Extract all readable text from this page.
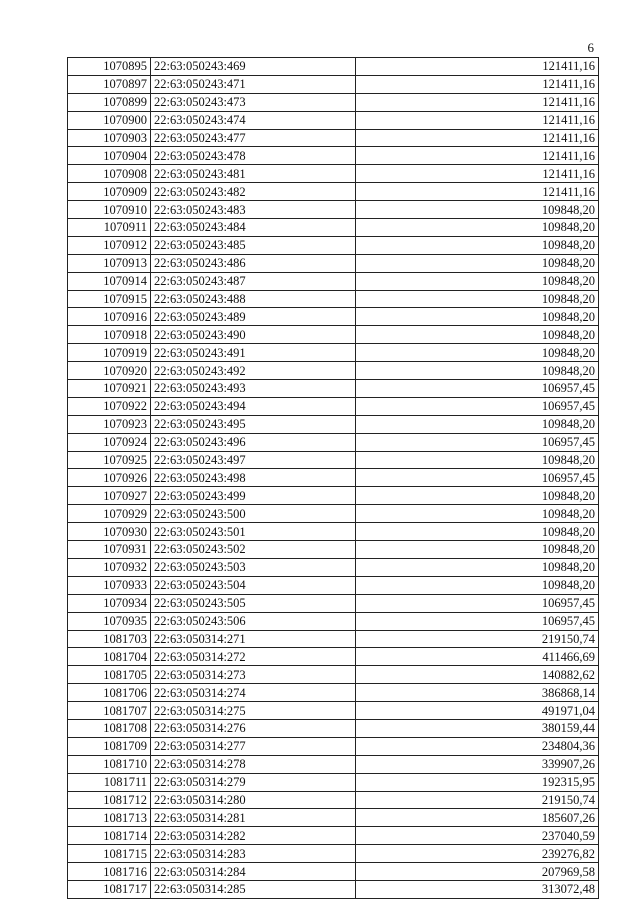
6
1070895	22:63:050243:469	121411,16
1070897	22:63:050243:471	121411,16
1070899	22:63:050243:473	121411,16
1070900	22:63:050243:474	121411,16
1070903	22:63:050243:477	121411,16
1070904	22:63:050243:478	121411,16
1070908	22:63:050243:481	121411,16
1070909	22:63:050243:482	121411,16
1070910	22:63:050243:483	109848,20
1070911	22:63:050243:484	109848,20
1070912	22:63:050243:485	109848,20
1070913	22:63:050243:486	109848,20
1070914	22:63:050243:487	109848,20
1070915	22:63:050243:488	109848,20
1070916	22:63:050243:489	109848,20
1070918	22:63:050243:490	109848,20
1070919	22:63:050243:491	109848,20
1070920	22:63:050243:492	109848,20
1070921	22:63:050243:493	106957,45
1070922	22:63:050243:494	106957,45
1070923	22:63:050243:495	109848,20
1070924	22:63:050243:496	106957,45
1070925	22:63:050243:497	109848,20
1070926	22:63:050243:498	106957,45
1070927	22:63:050243:499	109848,20
1070929	22:63:050243:500	109848,20
1070930	22:63:050243:501	109848,20
1070931	22:63:050243:502	109848,20
1070932	22:63:050243:503	109848,20
1070933	22:63:050243:504	109848,20
1070934	22:63:050243:505	106957,45
1070935	22:63:050243:506	106957,45
1081703	22:63:050314:271	219150,74
1081704	22:63:050314:272	411466,69
1081705	22:63:050314:273	140882,62
1081706	22:63:050314:274	386868,14
1081707	22:63:050314:275	491971,04
1081708	22:63:050314:276	380159,44
1081709	22:63:050314:277	234804,36
1081710	22:63:050314:278	339907,26
1081711	22:63:050314:279	192315,95
1081712	22:63:050314:280	219150,74
1081713	22:63:050314:281	185607,26
1081714	22:63:050314:282	237040,59
1081715	22:63:050314:283	239276,82
1081716	22:63:050314:284	207969,58
1081717	22:63:050314:285	313072,48
